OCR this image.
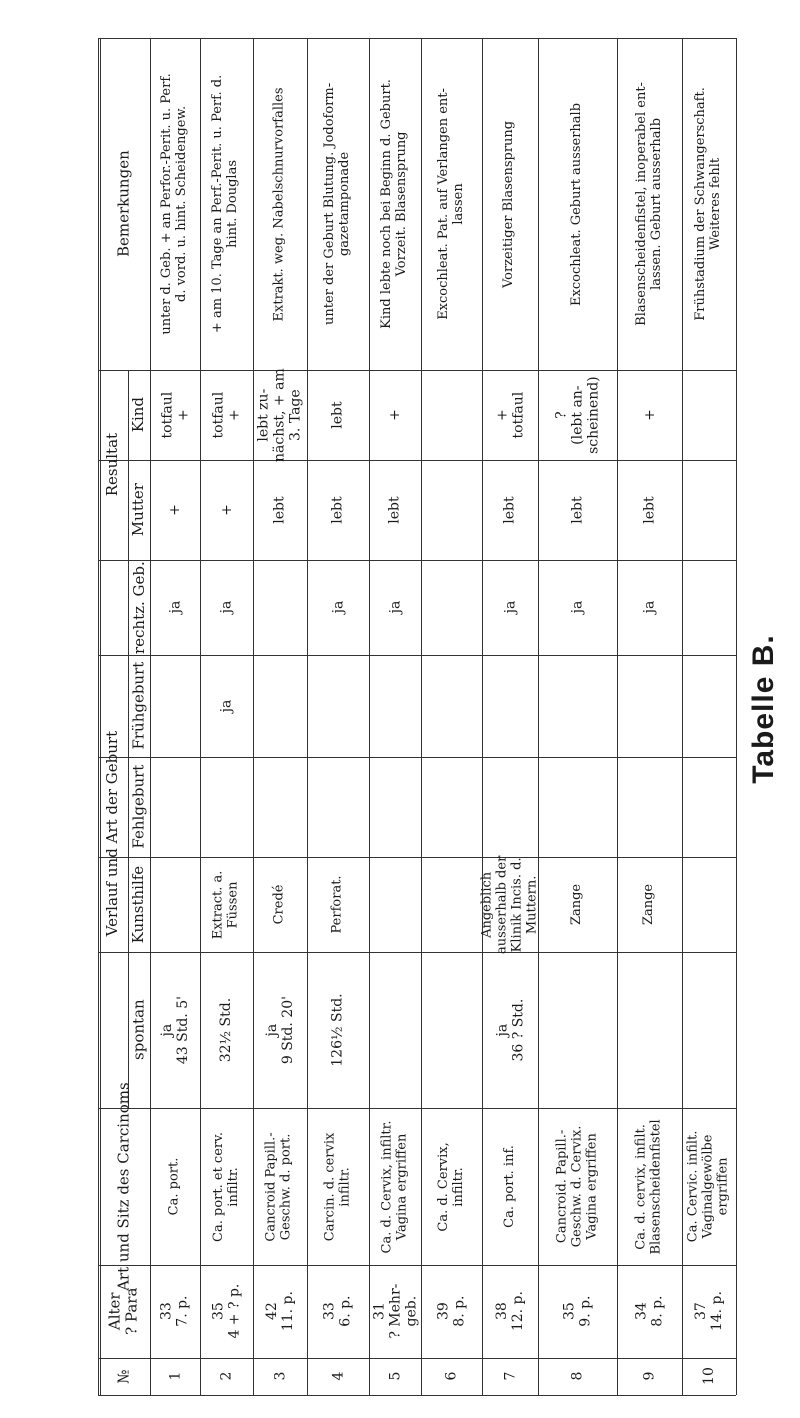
Tabelle B.
Bemerkungen
Resultat
Kind
Mutter
Verlauf und Art der Geburt
rechtz. Geb.
Frühgeburt
Fehlgeburt
Kunsthilfe
spontan
Art und Sitz des Carcinoms
Alter
? Para
№
unter d. Geb. + an Perfor.-Perit. u. Perf.
d. vord. u. hint. Scheidengew.
totfaul
+
+
ja
ja
43 Std. 5'
Ca. port.
33
7. p.
1
+ am 10. Tage an Perf.-Perit. u. Perf. d.
hint. Douglas
totfaul
+
+
ja
ja
Extract. a.
Füssen
32½ Std.
Ca. port. et cerv.
infiltr.
35
4 + ? p.
2
Extrakt. weg. Nabelschnurvorfalles
lebt zu-
nächst, + am
3. Tage
lebt
Credé
ja
9 Std. 20'
Cancroid Papill.-
Geschw. d. port.
42
11. p.
3
unter der Geburt Blutung. Jodoform-
gazetamponade
lebt
lebt
ja
Perforat.
126½ Std.
Carcin. d. cervix
infiltr.
33
6. p.
4
Kind lebte noch bei Beginn d. Geburt.
Vorzeit. Blasensprung
+
lebt
ja
Ca. d. Cervix, infiltr.
Vagina ergriffen
31
? Mehr-
geb.
5
Excochleat. Pat. auf Verlangen ent-
lassen
Ca. d. Cervix,
infiltr.
39
8. p.
6
Vorzeitiger Blasensprung
+
totfaul
lebt
ja
Angeblich
ausserhalb der
Klinik Incis. d.
Muttern.
ja
36 ? Std.
Ca. port. inf.
38
12. p.
7
Excochleat. Geburt ausserhalb
?
(lebt an-
scheinend)
lebt
ja
Zange
Cancroid. Papill.-
Geschw. d. Cervix.
Vagina ergriffen
35
9. p.
8
Blasenscheidenfistel, inoperabel ent-
lassen. Geburt ausserhalb
+
lebt
ja
Zange
Ca. d. cervix, infilt.
Blasenscheidenfistel
34
8. p.
9
Frühstadium der Schwangerschaft.
Weiteres fehlt
Ca. Cervic. infilt.
Vaginalgewölbe
ergriffen
37
14. p.
10
